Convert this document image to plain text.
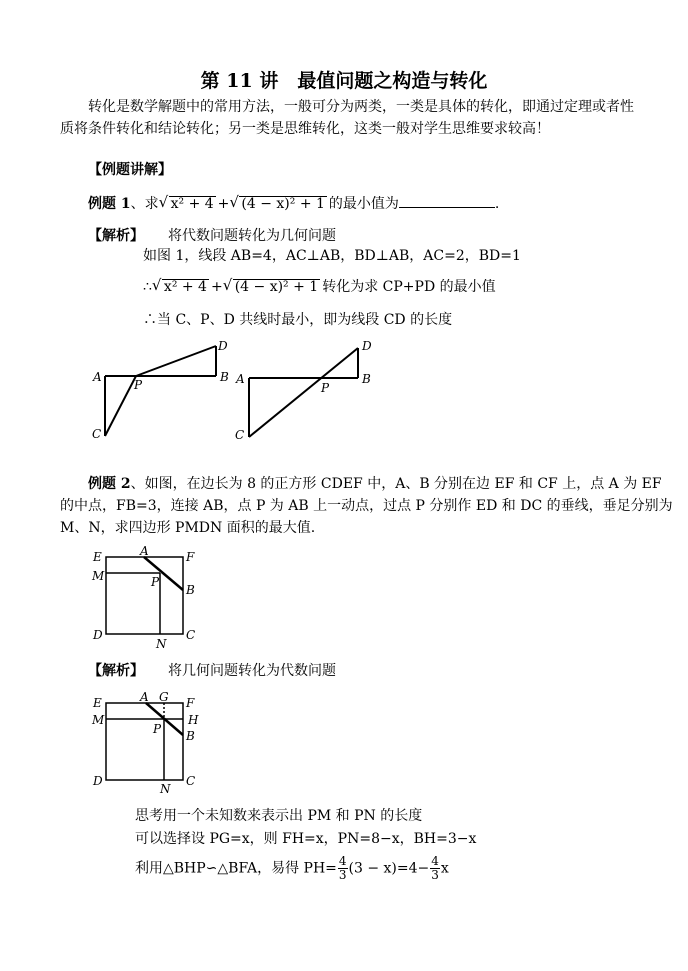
第 11 讲　最值问题之构造与转化
转化是数学解题中的常用方法，一般可分为两类，一类是具体的转化，即通过定理或者性
质将条件转化和结论转化；另一类是思维转化，这类一般对学生思维要求较高！
【例题讲解】
例题 1、求 √ x² + 4 + √ (4 − x)² + 1 的最小值为	.
【解析】 将代数问题转化为几何问题
如图 1，线段 AB=4，AC⊥AB，BD⊥AB，AC=2，BD=1
∴ √ x² + 4 + √ (4 − x)² + 1 转化为求 CP+PD 的最小值
∴当 C、P、D 共线时最小，即为线段 CD 的长度
A	B
C
D
P	A	B
C
D
P
E	A	F
M	P
B
D
N
C
E	A G F
H
M
P B
D
N
C
例题 2、如图，在边长为 8 的正方形 CDEF 中，A、B 分别在边 EF 和 CF 上，点 A 为 EF
的中点，FB=3，连接 AB，点 P 为 AB 上一动点，过点 P 分别作 ED 和 DC 的垂线，垂足分别为
M、N，求四边形 PMDN 面积的最大值.
【解析】 将几何问题转化为代数问题
思考用一个未知数来表示出 PM 和 PN 的长度
可以选择设 PG=x，则 FH=x，PN=8−x，BH=3−x
利用△BHP∽△BFA，易得 $PH= \frac{4}{3} (3 - x)=4- \frac{4}{3}$ x
